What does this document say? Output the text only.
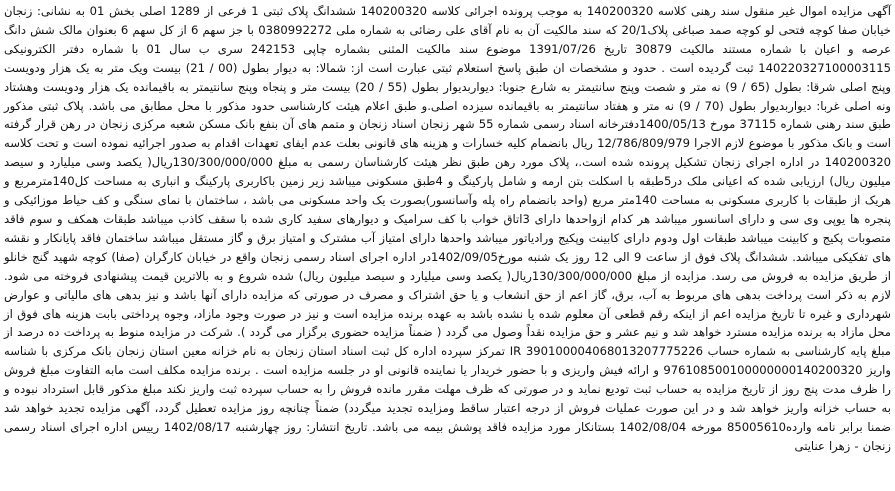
آگهی مزایده اموال غیر منقول سند رهنی کلاسه 140200320 به موجب پرونده اجرائی کلاسه 140200320 ششدانگ پلاک ثبتی 1 فرعی از 1289 اصلی بخش 01 به نشانی: زنجان خیابان صفا کوچه فتحی لو کوچه صمد صباغی پلاک20/1 که سند مالکیت آن به نام آقای علی رضائی به شماره ملی 0380992272 با جز سهم 6 از کل سهم 6 بعنوان مالک شش دانگ عرصه و اعیان با شماره مستند مالکیت 30879 تاریخ 1391/07/26 موضوع سند مالکیت المثنی بشماره چاپی 242153 سری ب سال 01 با شماره دفتر الکترونیکی 140220327100003115 ثبت گردیده است . حدود و مشخصات ان طبق پاسخ استعلام ثبتی عبارت است از: شمالا: به دیوار بطول (00 / 21) بیست ویک متر به یک هزار ودویست وپنج اصلی شرقا: بطول (65 / 9) نه متر و شصت وپنج سانتیمتر به شارع جنوبا: دیواربدیوار بطول (55 / 20) بیست متر و پنجاه وپنج سانتیمتر به باقیمانده یک هزار ودویست وهشتاد ونه اصلی غربا: دیواربدیوار بطول (70 / 9) نه متر و هفتاد سانتیمتر به باقیمانده سیزده اصلی.و طبق اعلام هیئت کارشناسی حدود مذکور با محل مطابق می باشد. پلاک ثبتی مذکور طبق سند رهنی شماره 37115 مورخ 1400/05/13دفترخانه اسناد رسمی شماره 55 شهر زنجان اسناد زنجان و متمم های آن بنفع بانک مسکن شعبه مرکزی زنجان در رهن قرار گرفته است و بانک مذکور با موضوع لازم الاجرا 12/786/809/979 ریال بانضمام کلیه خسارات و هزینه های قانونی بعلت عدم ایفای تعهدات اقدام به صدور اجرائیه نموده است و تحت کلاسه 140200320 در اداره اجرای زنجان تشکیل پرونده شده است.، پلاک مورد رهن طبق نظر هیئت کارشناسان رسمی به مبلغ 130/300/000/000ریال( یکصد وسی میلیارد و سیصد میلیون ریال) ارزیابی شده که اعیانی ملک در5طبقه با اسکلت بتن ارمه و شامل پارکینگ و 4طبق مسکونی میباشد زیر زمین باکاربری پارکینگ و انباری به مساحت کل140مترمربع و هریک از طبقات با کاربری مسکونی به مساحت 140متر مربع (واحد بانضمام راه پله وآسانسور)بصورت یک واحد مسکونی می باشد ، ساختمان با نمای سنگی و کف حیاط موزائیکی و پنجره ها یوپی وی سی و دارای اسانسور میباشد هر کدام ازواحدها دارای 3اتاق خواب با کف سرامیک و دیوارهای سفید کاری شده با سقف کاذب میباشد طبقات همکف و سوم فاقد متصوبات پکیج و کابینت میباشد طبقات اول ودوم دارای کابینت وپکیج ورادیاتور میباشد واحدها دارای امتیاز آب مشترک و امتیاز برق و گاز مستقل میباشد ساختمان فاقد پایانکار و نقشه های تفکیکی میباشد. ششدانگ پلاک فوق از ساعت 9 الی 12 روز یک شنبه مورخ1402/09/05در اداره اجرای اسناد رسمی زنجان واقع در خیابان کارگران (صفا) کوچه شهید گنج خانلو از طریق مزایده به فروش می رسد. مزایده از مبلغ 130/300/000/000ریال( یکصد وسی میلیارد و سیصد میلیون ریال) شده شروع و به بالاترین قیمت پیشنهادی فروخته می شود. لازم به ذکر است پرداخت بدهی های مربوط به آب، برق، گاز اعم از حق انشعاب و یا حق اشتراک و مصرف در صورتی که مزایده دارای آنها باشد و نیز بدهی های مالیاتی و عوارض شهرداری و غیره تا تاریخ مزایده اعم از اینکه رقم قطعی آن معلوم شده یا نشده باشد به عهده برنده مزایده است و نیز در صورت وجود مازاد، وجوه پرداختی بابت هزینه های فوق از محل مازاد به برنده مزایده مسترد خواهد شد و نیم عشر و حق مزایده نقداً وصول می گردد ( ضمناً مزایده حضوری برگزار می گردد ). شرکت در مزایده منوط به پرداخت ده درصد از مبلغ پایه کارشناسی به شماره حساب IR 390100004068013207775226 تمرکز سپرده اداره کل ثبت اسناد استان زنجان به نام خزانه معین استان زنجان بانک مرکزی با شناسه واریز 976108500100000000140200320 و ارائه فیش واریزی و با حضور خریدار یا نماینده قانونی او در جلسه مزایده است . برنده مزایده مکلف است مابه التفاوت مبلغ فروش را ظرف مدت پنج روز از تاریخ مزایده به حساب ثبت تودیع نماید و در صورتی که ظرف مهلت مقرر مانده فروش را به حساب سپرده ثبت واریز نکند مبلغ مذکور قابل استرداد نبوده و به حساب خزانه واریز خواهد شد و در این صورت عملیات فروش از درجه اعتبار ساقط ومزایده تجدید میگردد) ضمناً چنانچه روز مزایده تعطیل گردد، آگهی مزایده تجدید خواهد شد ضمنا برابر نامه وارده85005610 مورخه 1402/08/04 بستانکار مورد مزایده فاقد پوشش بیمه می باشد. تاریخ انتشار: روز چهارشنبه 1402/08/17 رییس اداره اجرای اسناد رسمی زنجان - زهرا عنایتی
